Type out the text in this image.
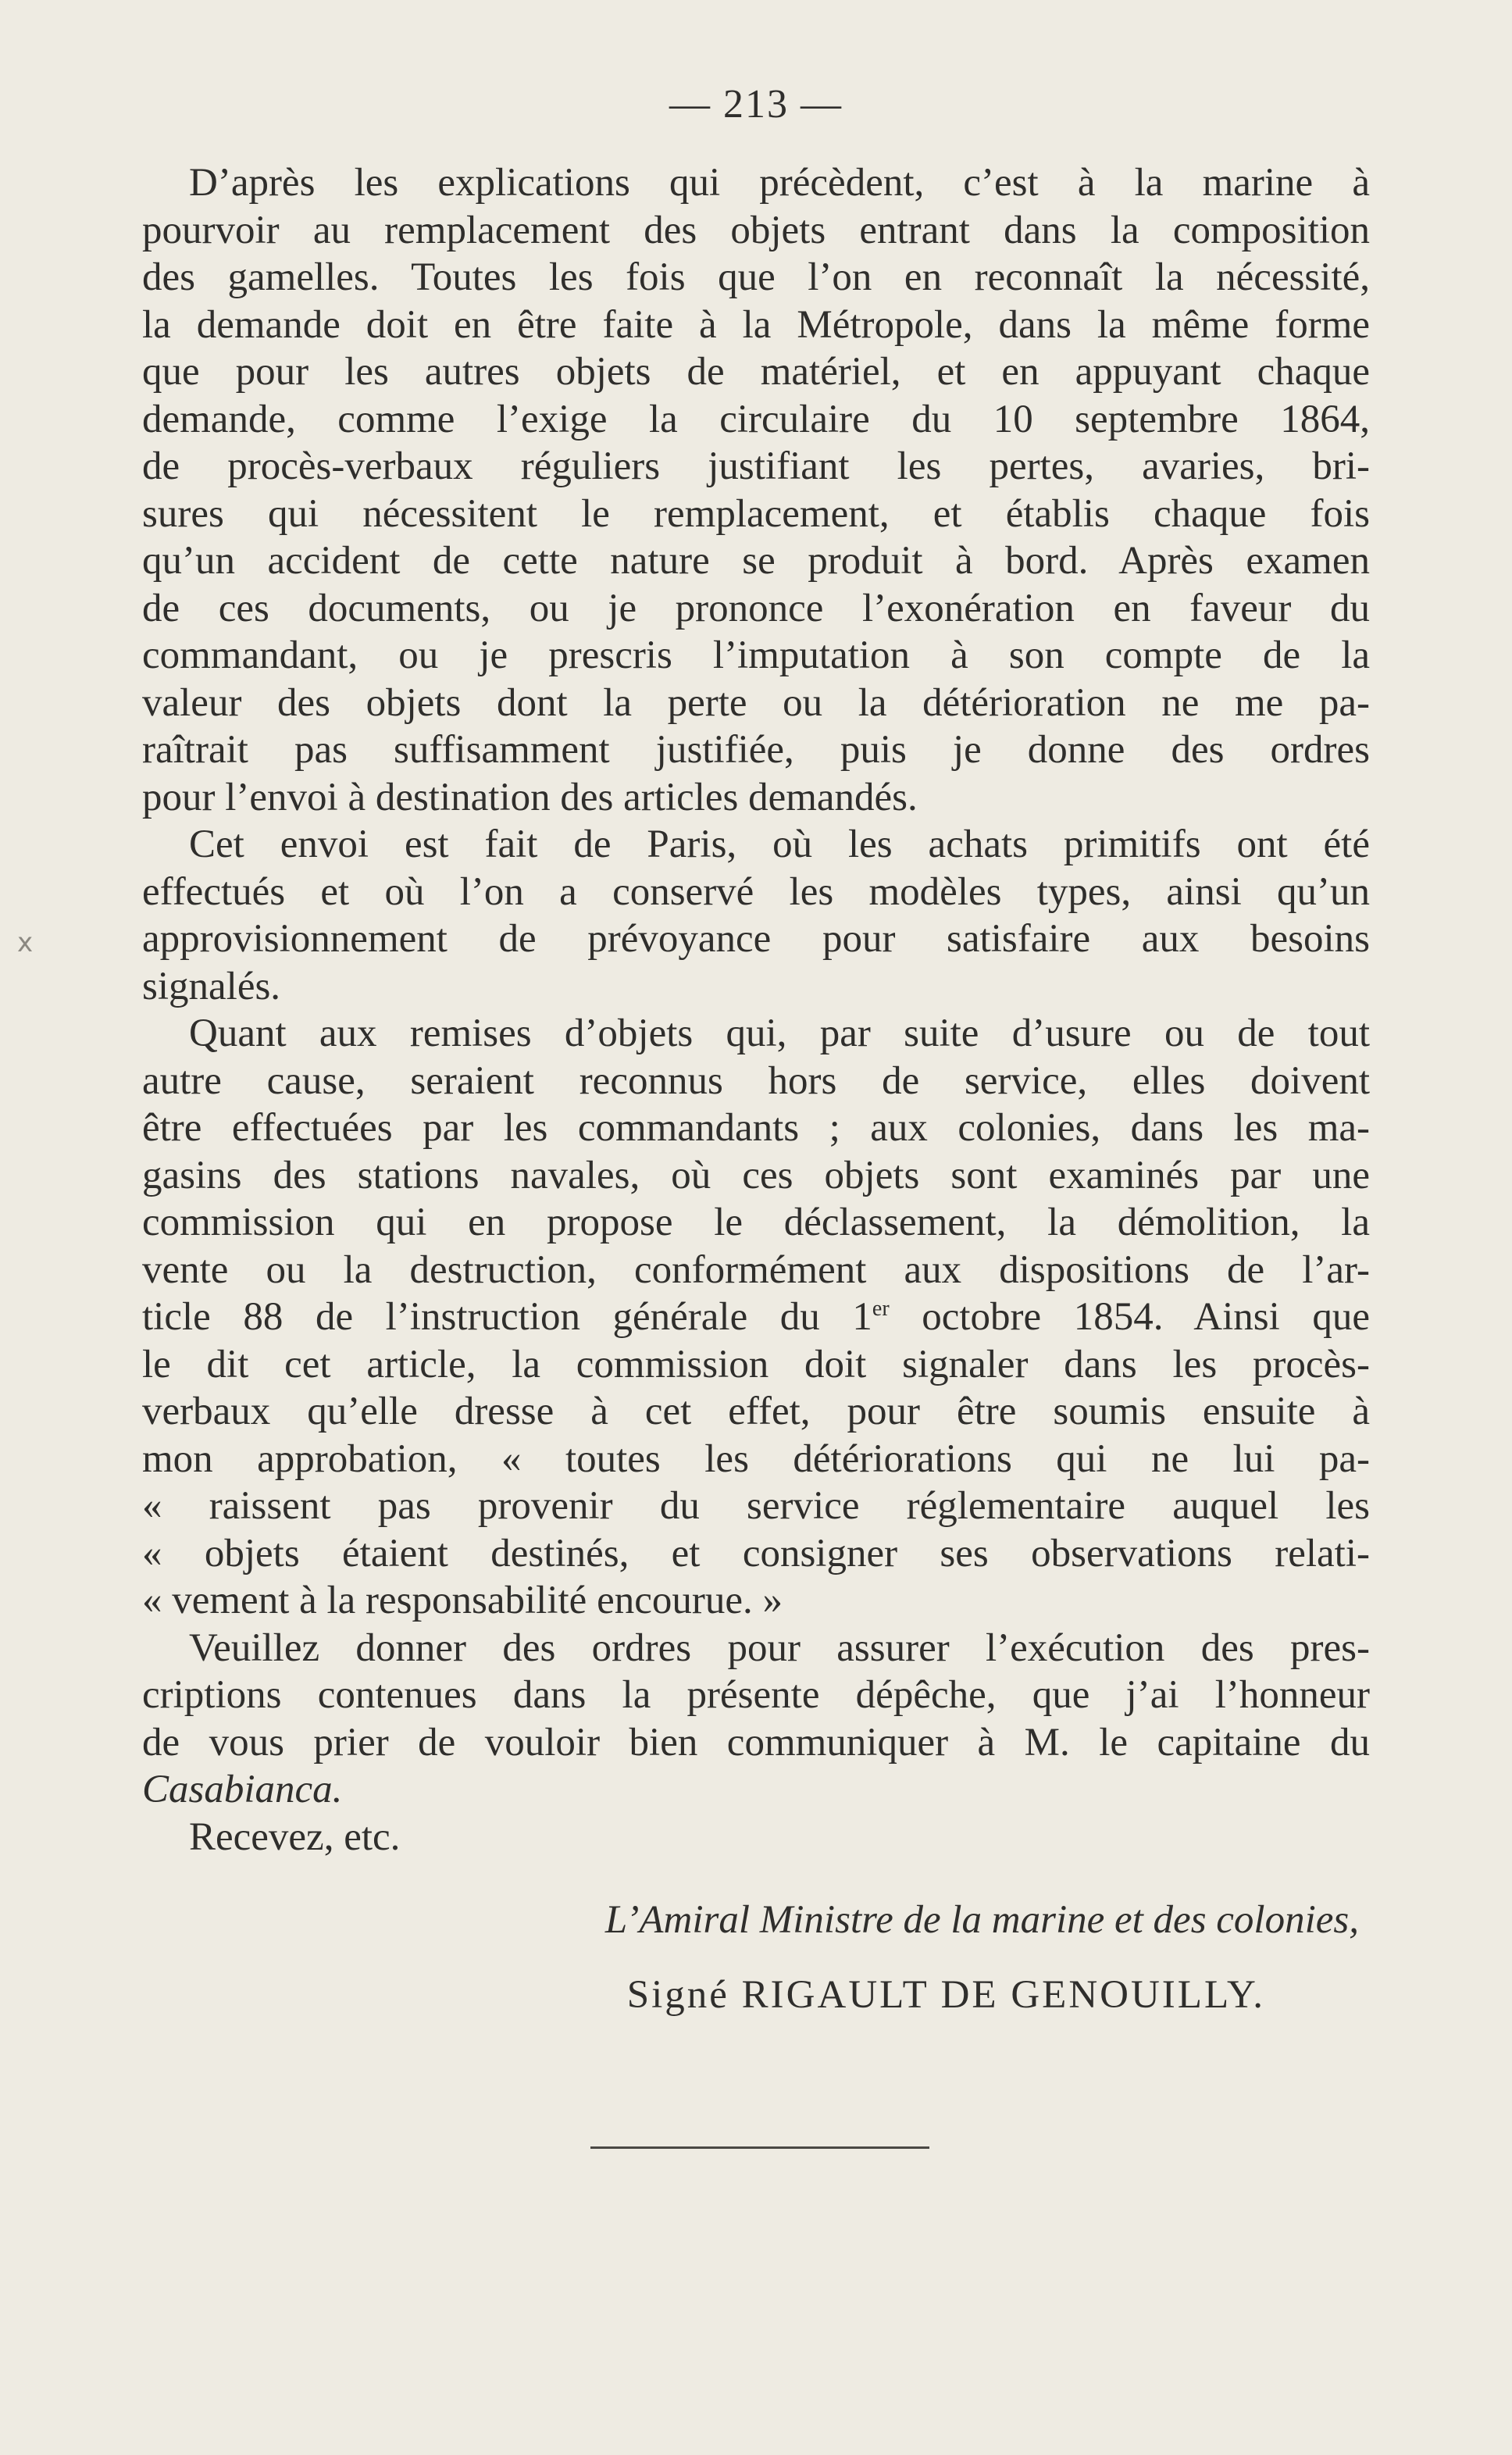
— 213 —
x
D’après les explications qui précèdent, c’est à la marine à
pourvoir au remplacement des objets entrant dans la composition
des gamelles. Toutes les fois que l’on en reconnaît la nécessité,
la demande doit en être faite à la Métropole, dans la même forme
que pour les autres objets de matériel, et en appuyant chaque
demande, comme l’exige la circulaire du 10 septembre 1864,
de procès-verbaux réguliers justifiant les pertes, avaries, bri-
sures qui nécessitent le remplacement, et établis chaque fois
qu’un accident de cette nature se produit à bord. Après examen
de ces documents, ou je prononce l’exonération en faveur du
commandant, ou je prescris l’imputation à son compte de la
valeur des objets dont la perte ou la détérioration ne me pa-
raîtrait pas suffisamment justifiée, puis je donne des ordres
pour l’envoi à destination des articles demandés.
Cet envoi est fait de Paris, où les achats primitifs ont été
effectués et où l’on a conservé les modèles types, ainsi qu’un
approvisionnement de prévoyance pour satisfaire aux besoins
signalés.
Quant aux remises d’objets qui, par suite d’usure ou de tout
autre cause, seraient reconnus hors de service, elles doivent
être effectuées par les commandants ; aux colonies, dans les ma-
gasins des stations navales, où ces objets sont examinés par une
commission qui en propose le déclassement, la démolition, la
vente ou la destruction, conformément aux dispositions de l’ar-
ticle 88 de l’instruction générale du 1er octobre 1854. Ainsi que
le dit cet article, la commission doit signaler dans les procès-
verbaux qu’elle dresse à cet effet, pour être soumis ensuite à
mon approbation, « toutes les détériorations qui ne lui pa-
« raissent pas provenir du service réglementaire auquel les
« objets étaient destinés, et consigner ses observations relati-
« vement à la responsabilité encourue. »
Veuillez donner des ordres pour assurer l’exécution des pres-
criptions contenues dans la présente dépêche, que j’ai l’honneur
de vous prier de vouloir bien communiquer à M. le capitaine du
Casabianca.
Recevez, etc.
L’Amiral Ministre de la marine et des colonies,
Signé RIGAULT DE GENOUILLY.
